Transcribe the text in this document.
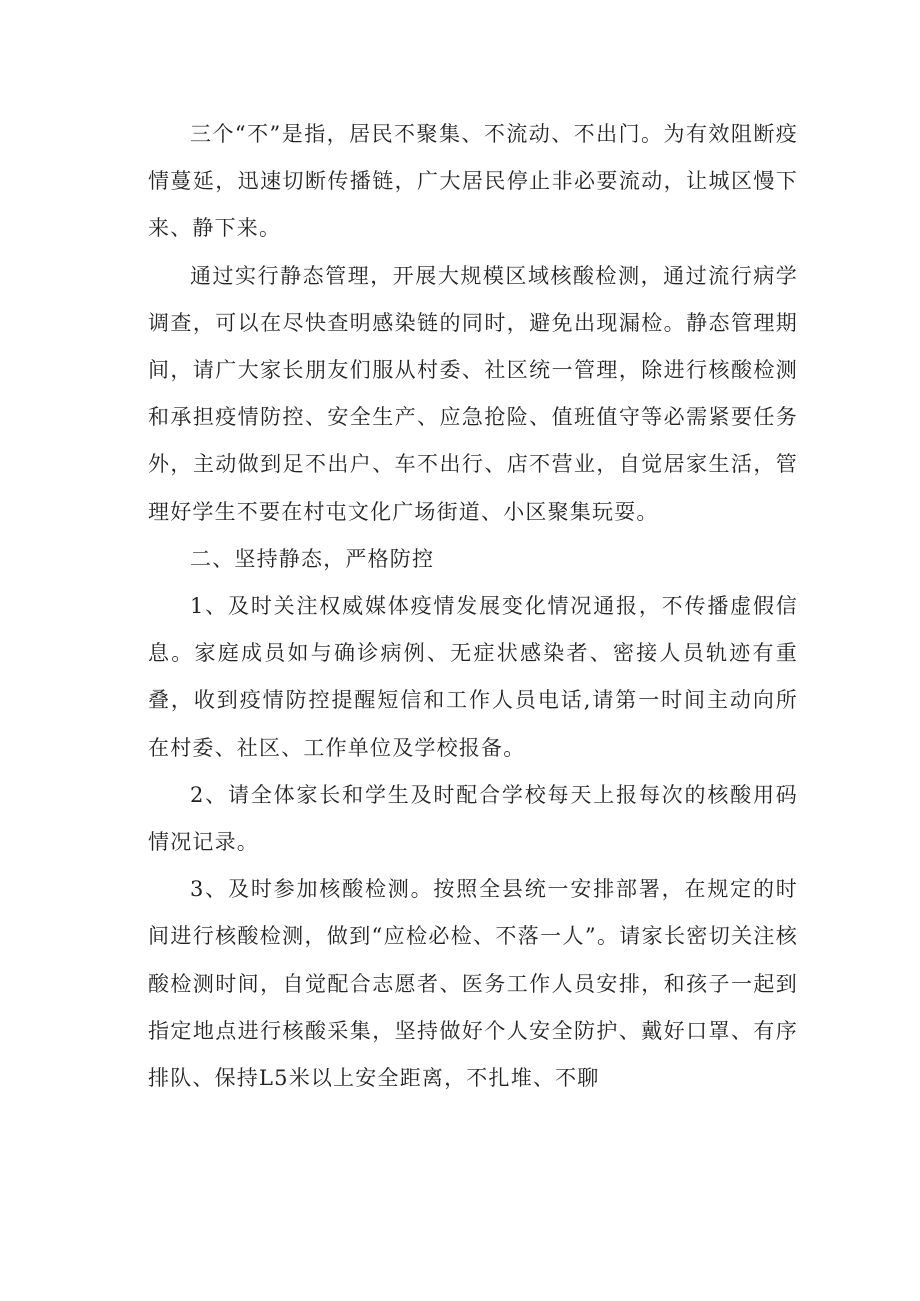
三个“不”是指，居民不聚集、不流动、不出门。为有效阻断疫情蔓延，迅速切断传播链，广大居民停止非必要流动，让城区慢下来、静下来。

通过实行静态管理，开展大规模区域核酸检测，通过流行病学调查，可以在尽快查明感染链的同时，避免出现漏检。静态管理期间，请广大家长朋友们服从村委、社区统一管理，除进行核酸检测和承担疫情防控、安全生产、应急抢险、值班值守等必需紧要任务外，主动做到足不出户、车不出行、店不营业，自觉居家生活，管理好学生不要在村屯文化广场街道、小区聚集玩耍。

二、坚持静态，严格防控

1、及时关注权威媒体疫情发展变化情况通报，不传播虚假信息。家庭成员如与确诊病例、无症状感染者、密接人员轨迹有重叠，收到疫情防控提醒短信和工作人员电话,请第一时间主动向所在村委、社区、工作单位及学校报备。

2、请全体家长和学生及时配合学校每天上报每次的核酸用码情况记录。

3、及时参加核酸检测。按照全县统一安排部署，在规定的时间进行核酸检测，做到“应检必检、不落一人”。请家长密切关注核酸检测时间，自觉配合志愿者、医务工作人员安排，和孩子一起到指定地点进行核酸采集，坚持做好个人安全防护、戴好口罩、有序排队、保持L5米以上安全距离，不扎堆、不聊
